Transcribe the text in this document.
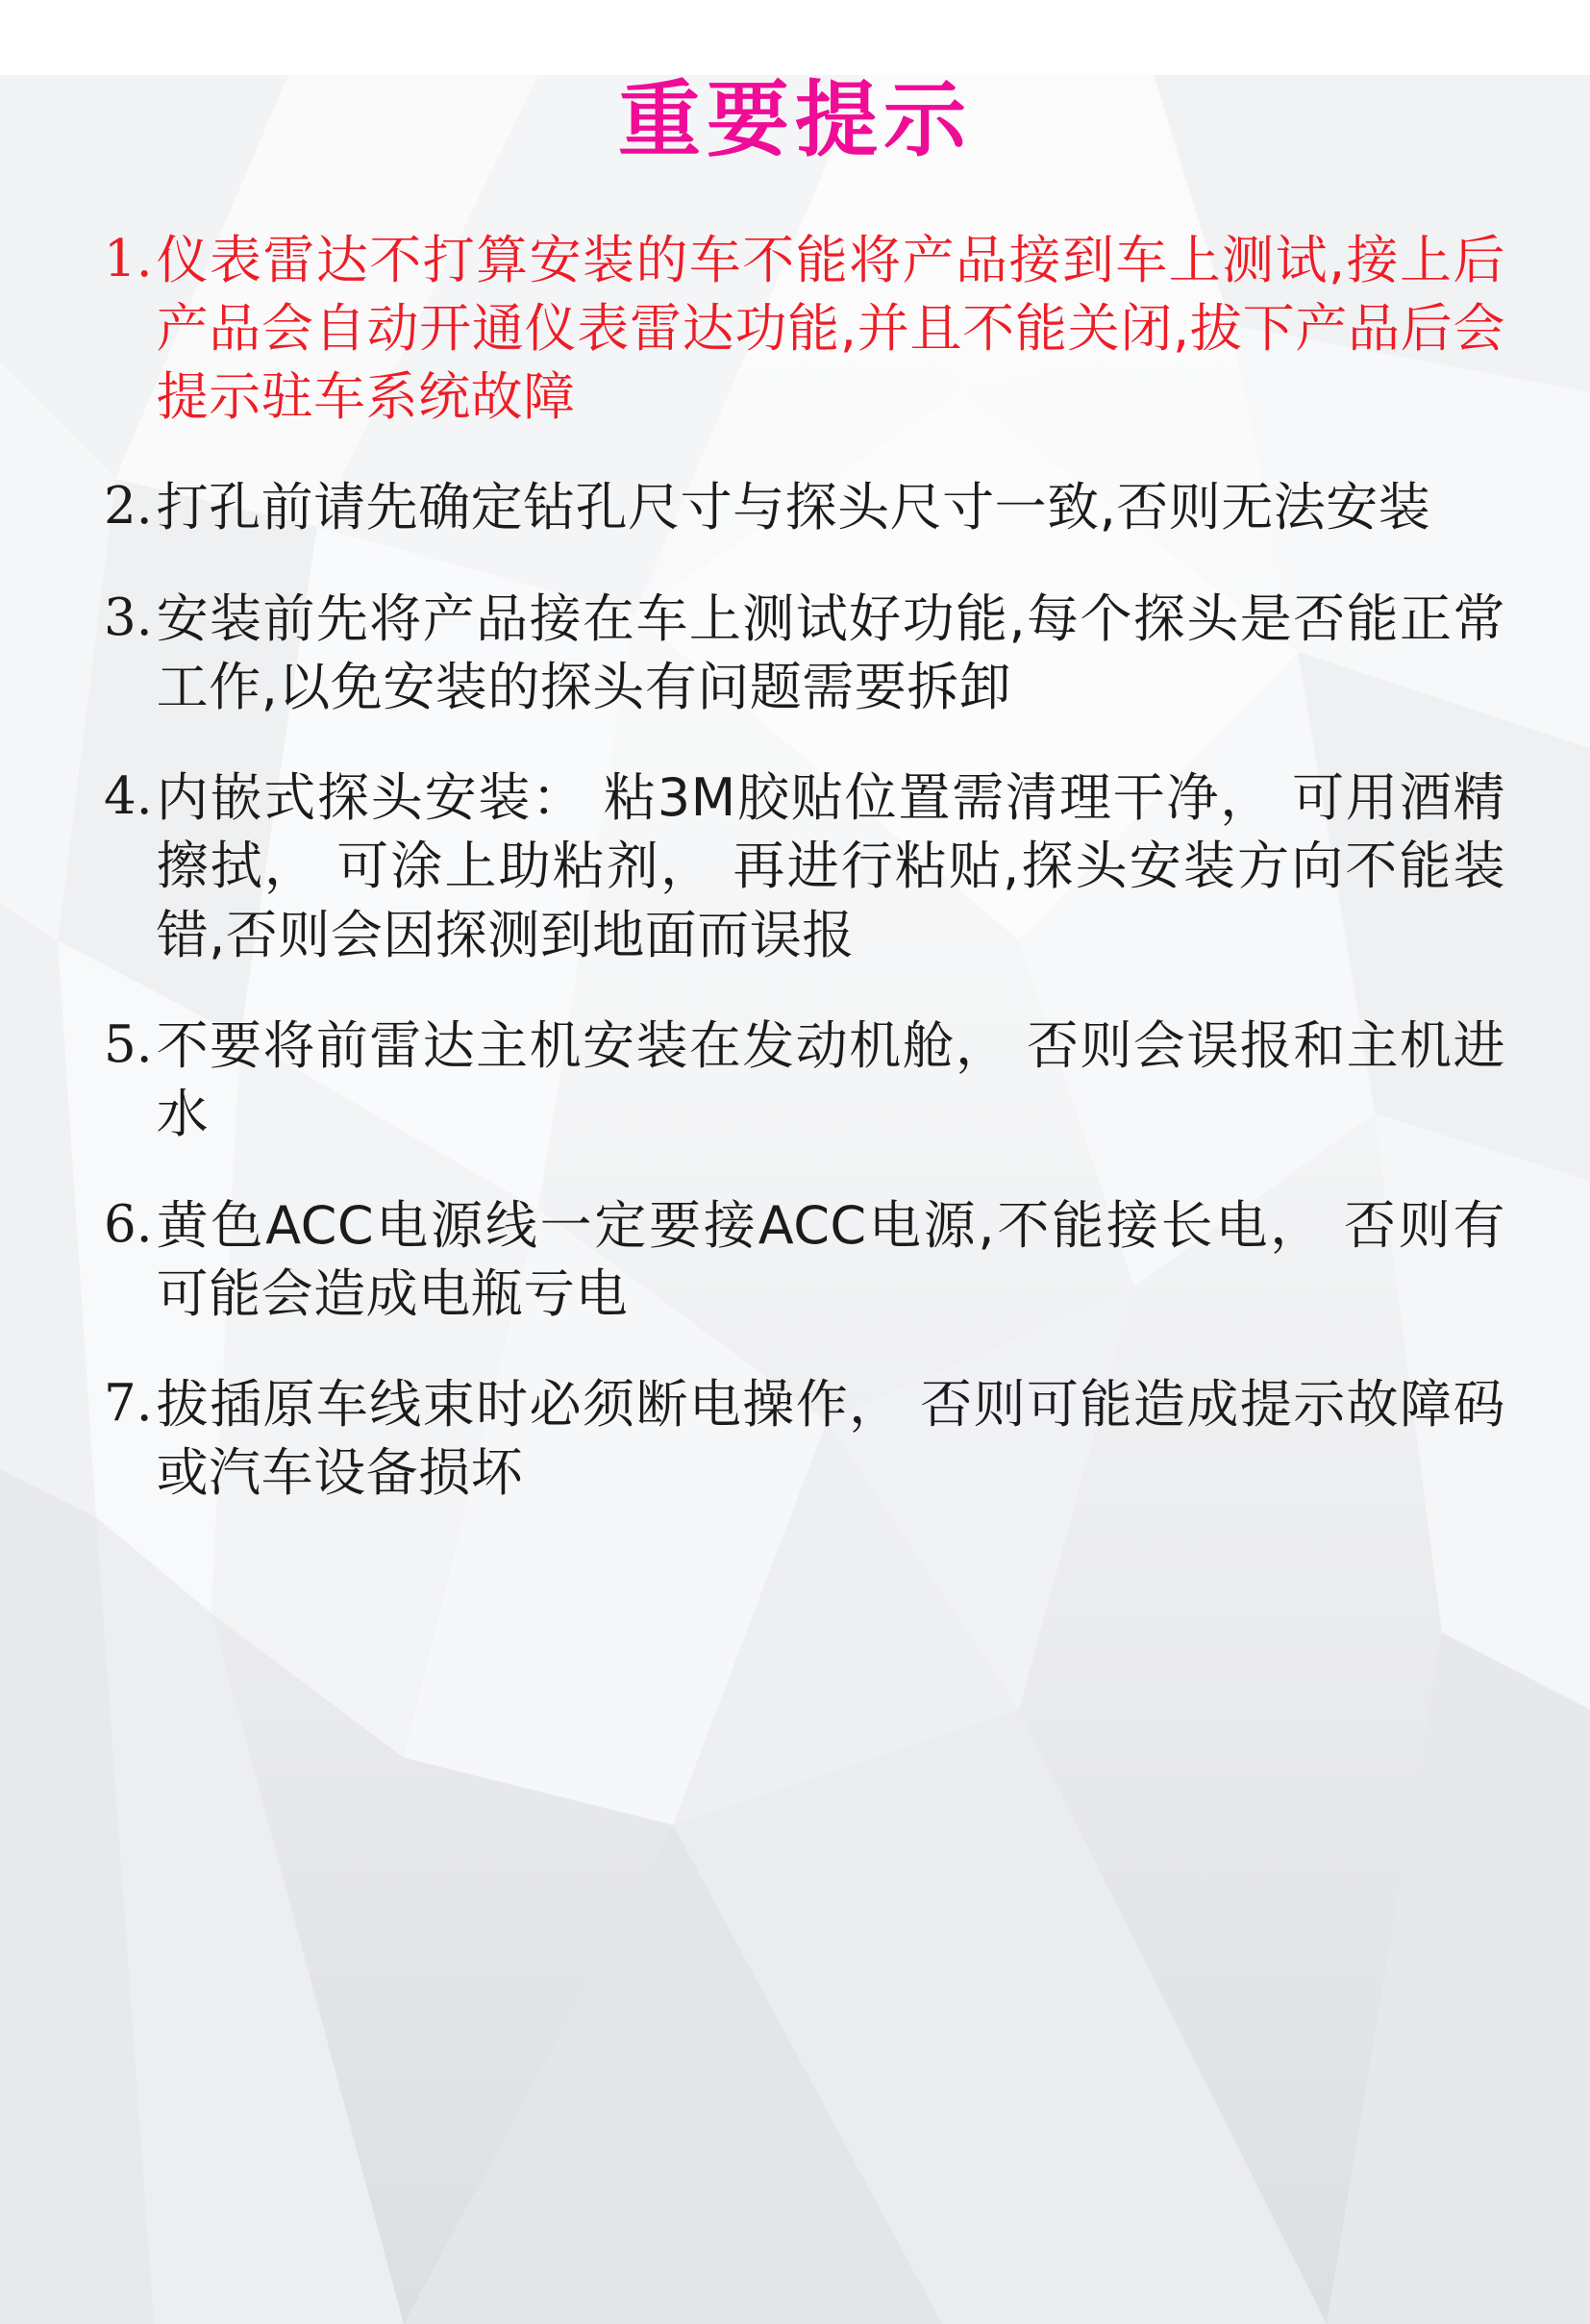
重要提示
1. 仪表雷达不打算安装的车不能将产品接到车上测试,接上后产品会自动开通仪表雷达功能,并且不能关闭,拔下产品后会提示驻车系统故障
2. 打孔前请先确定钻孔尺寸与探头尺寸一致,否则无法安装
3. 安装前先将产品接在车上测试好功能,每个探头是否能正常工作,以免安装的探头有问题需要拆卸
4. 内嵌式探头安装： 粘3M胶贴位置需清理干净， 可用酒精擦拭， 可涂上助粘剂， 再进行粘贴,探头安装方向不能装错,否则会因探测到地面而误报
5. 不要将前雷达主机安装在发动机舱， 否则会误报和主机进水
6. 黄色ACC电源线一定要接ACC电源,不能接长电， 否则有可能会造成电瓶亏电
7. 拔插原车线束时必须断电操作， 否则可能造成提示故障码或汽车设备损坏
